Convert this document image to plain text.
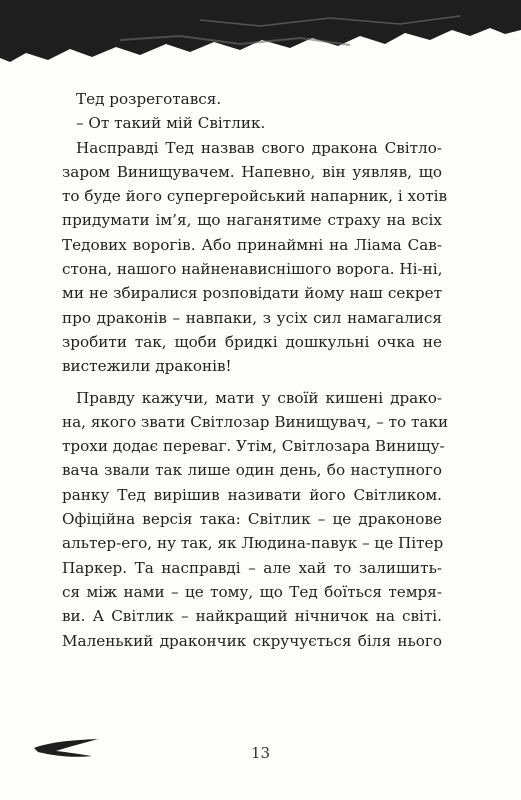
Тед розреготався.
– От такий мій Світлик.
Насправді Тед назвав свого дракона Світло-
заром Винищувачем. Напевно, він уявляв, що
то буде його супергеройський напарник, і хотів
придумати ім’я, що наганятиме страху на всіх
Тедових ворогів. Або принаймні на Ліама Сав-
стона, нашого найненависнішого ворога. Ні-ні,
ми не збиралися розповідати йому наш секрет
про драконів – навпаки, з усіх сил намагалися
зробити так, щоби бридкі дошкульні очка не
вистежили драконів!
Правду кажучи, мати у своїй кишені драко-
на, якого звати Світлозар Винищувач, – то таки
трохи додає переваг. Утім, Світлозара Винищу-
вача звали так лише один день, бо наступного
ранку Тед вирішив називати його Світликом.
Офіційна версія така: Світлик – це драконове
альтер-его, ну так, як Людина-павук – це Пітер
Паркер. Та насправді – але хай то залишить-
ся між нами – це тому, що Тед боїться темря-
ви. А Світлик – найкращий нічничок на світі.
Маленький дракончик скручується біля нього
13
